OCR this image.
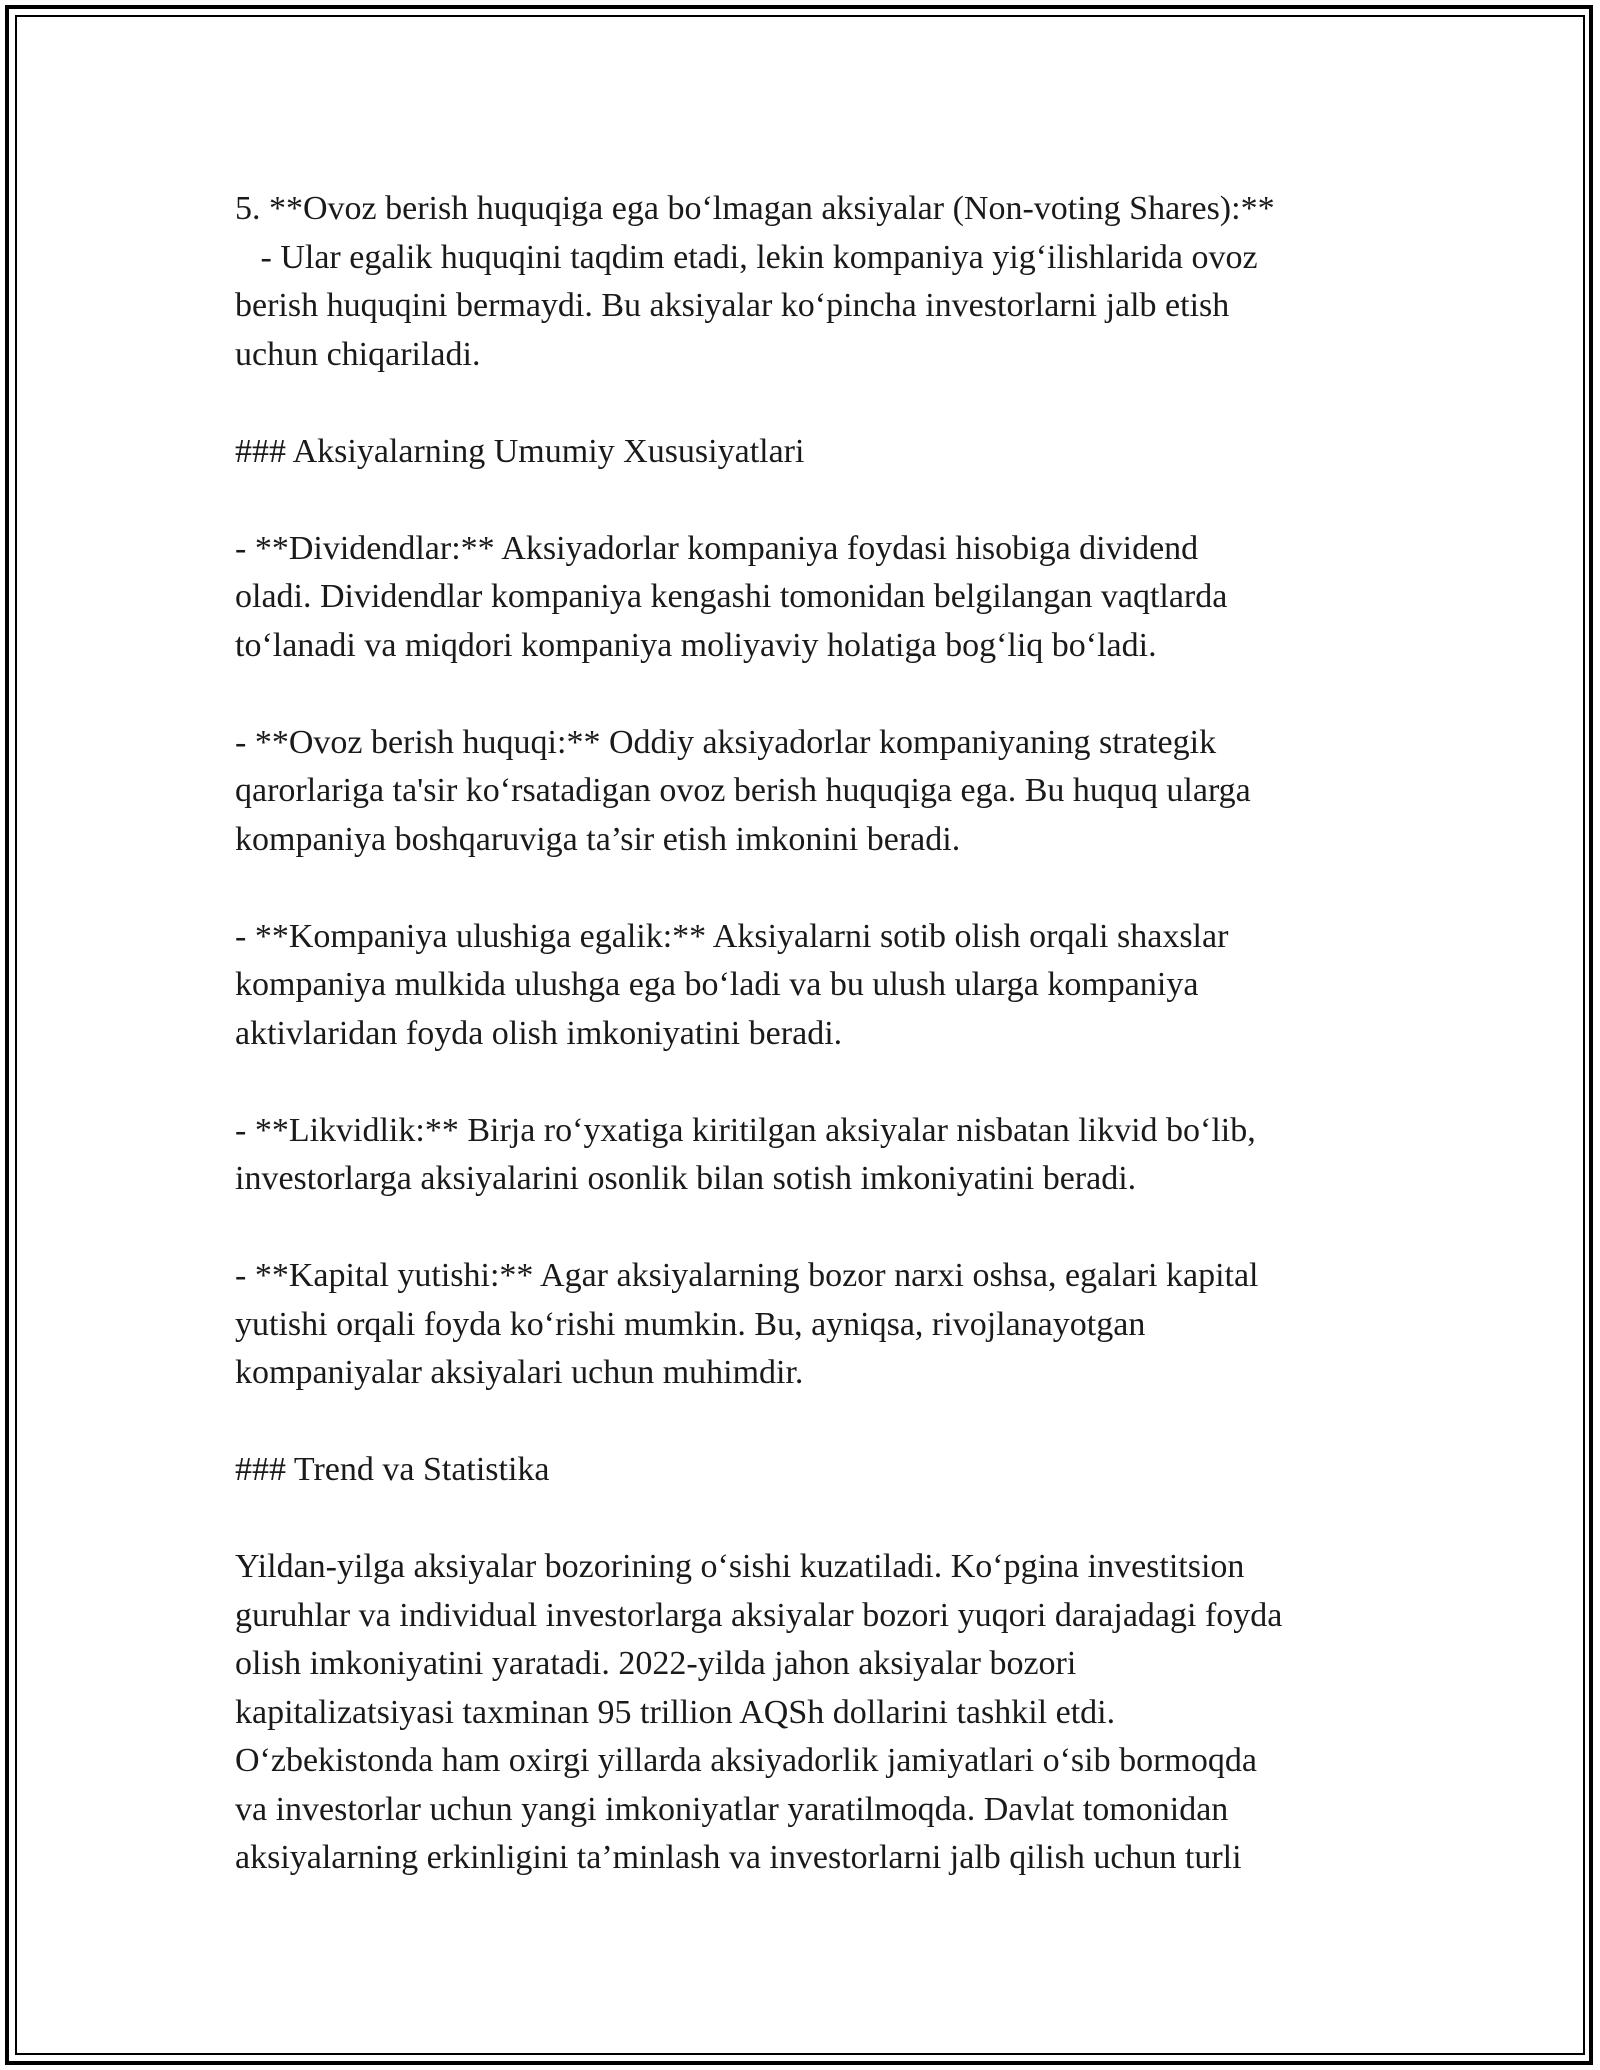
5. **Ovoz berish huquqiga ega bo‘lmagan aksiyalar (Non-voting Shares):**
- Ular egalik huquqini taqdim etadi, lekin kompaniya yig‘ilishlarida ovoz
berish huquqini bermaydi. Bu aksiyalar ko‘pincha investorlarni jalb etish
uchun chiqariladi.
### Aksiyalarning Umumiy Xususiyatlari
- **Dividendlar:** Aksiyadorlar kompaniya foydasi hisobiga dividend
oladi. Dividendlar kompaniya kengashi tomonidan belgilangan vaqtlarda
to‘lanadi va miqdori kompaniya moliyaviy holatiga bog‘liq bo‘ladi.
- **Ovoz berish huquqi:** Oddiy aksiyadorlar kompaniyaning strategik
qarorlariga ta'sir ko‘rsatadigan ovoz berish huquqiga ega. Bu huquq ularga
kompaniya boshqaruviga ta’sir etish imkonini beradi.
- **Kompaniya ulushiga egalik:** Aksiyalarni sotib olish orqali shaxslar
kompaniya mulkida ulushga ega bo‘ladi va bu ulush ularga kompaniya
aktivlaridan foyda olish imkoniyatini beradi.
- **Likvidlik:** Birja ro‘yxatiga kiritilgan aksiyalar nisbatan likvid bo‘lib,
investorlarga aksiyalarini osonlik bilan sotish imkoniyatini beradi.
- **Kapital yutishi:** Agar aksiyalarning bozor narxi oshsa, egalari kapital
yutishi orqali foyda ko‘rishi mumkin. Bu, ayniqsa, rivojlanayotgan
kompaniyalar aksiyalari uchun muhimdir.
### Trend va Statistika
Yildan-yilga aksiyalar bozorining o‘sishi kuzatiladi. Ko‘pgina investitsion
guruhlar va individual investorlarga aksiyalar bozori yuqori darajadagi foyda
olish imkoniyatini yaratadi. 2022-yilda jahon aksiyalar bozori
kapitalizatsiyasi taxminan 95 trillion AQSh dollarini tashkil etdi.
O‘zbekistonda ham oxirgi yillarda aksiyadorlik jamiyatlari o‘sib bormoqda
va investorlar uchun yangi imkoniyatlar yaratilmoqda. Davlat tomonidan
aksiyalarning erkinligini ta’minlash va investorlarni jalb qilish uchun turli
